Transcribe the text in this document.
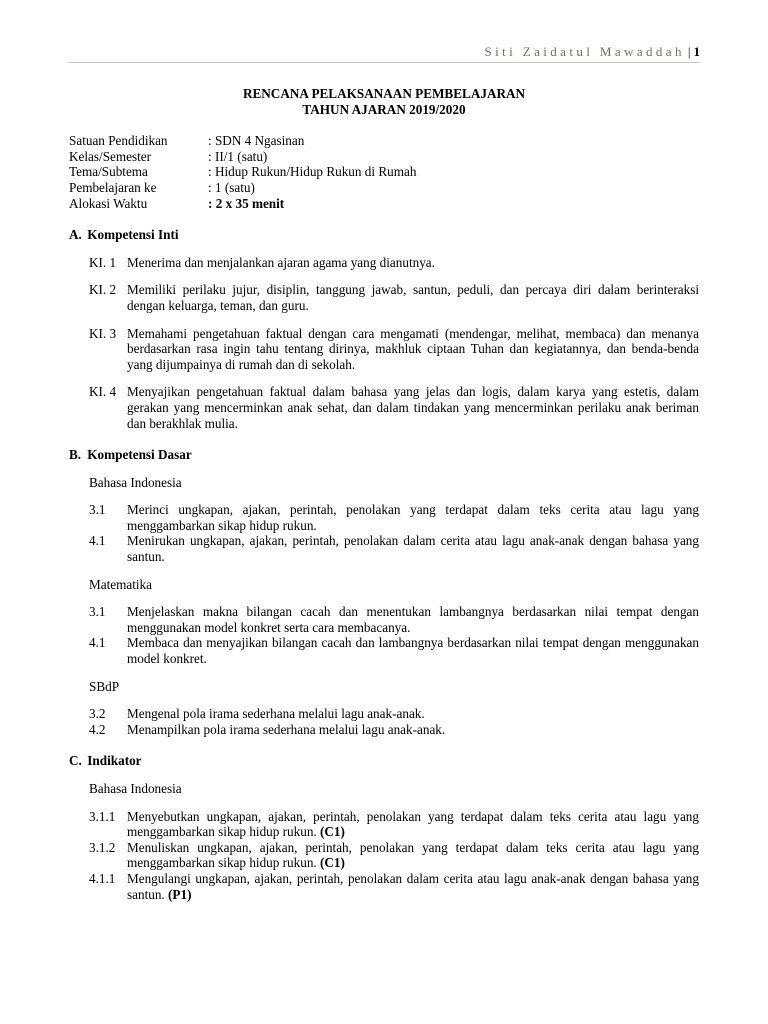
Siti Zaidatul Mawaddah | 1
RENCANA PELAKSANAAN PEMBELAJARAN
TAHUN AJARAN 2019/2020
Satuan Pendidikan	: SDN 4 Ngasinan
Kelas/Semester	: II/1 (satu)
Tema/Subtema	: Hidup Rukun/Hidup Rukun di Rumah
Pembelajaran ke	: 1 (satu)
Alokasi Waktu	: 2 x 35 menit
A. Kompetensi Inti
KI. 1 Menerima dan menjalankan ajaran agama yang dianutnya.
KI. 2 Memiliki perilaku jujur, disiplin, tanggung jawab, santun, peduli, dan percaya diri dalam berinteraksi dengan keluarga, teman, dan guru.
KI. 3 Memahami pengetahuan faktual dengan cara mengamati (mendengar, melihat, membaca) dan menanya berdasarkan rasa ingin tahu tentang dirinya, makhluk ciptaan Tuhan dan kegiatannya, dan benda-benda yang dijumpainya di rumah dan di sekolah.
KI. 4 Menyajikan pengetahuan faktual dalam bahasa yang jelas dan logis, dalam karya yang estetis, dalam gerakan yang mencerminkan anak sehat, dan dalam tindakan yang mencerminkan perilaku anak beriman dan berakhlak mulia.
B. Kompetensi Dasar
Bahasa Indonesia
3.1	Merinci ungkapan, ajakan, perintah, penolakan yang terdapat dalam teks cerita atau lagu yang menggambarkan sikap hidup rukun.
4.1	Menirukan ungkapan, ajakan, perintah, penolakan dalam cerita atau lagu anak-anak dengan bahasa yang santun.
Matematika
3.1	Menjelaskan makna bilangan cacah dan menentukan lambangnya berdasarkan nilai tempat dengan menggunakan model konkret serta cara membacanya.
4.1	Membaca dan menyajikan bilangan cacah dan lambangnya berdasarkan nilai tempat dengan menggunakan model konkret.
SBdP
3.2	Mengenal pola irama sederhana melalui lagu anak-anak.
4.2	Menampilkan pola irama sederhana melalui lagu anak-anak.
C. Indikator
Bahasa Indonesia
3.1.1 Menyebutkan ungkapan, ajakan, perintah, penolakan yang terdapat dalam teks cerita atau lagu yang menggambarkan sikap hidup rukun. (C1)
3.1.2 Menuliskan ungkapan, ajakan, perintah, penolakan yang terdapat dalam teks cerita atau lagu yang menggambarkan sikap hidup rukun. (C1)
4.1.1 Mengulangi ungkapan, ajakan, perintah, penolakan dalam cerita atau lagu anak-anak dengan bahasa yang santun. (P1)
